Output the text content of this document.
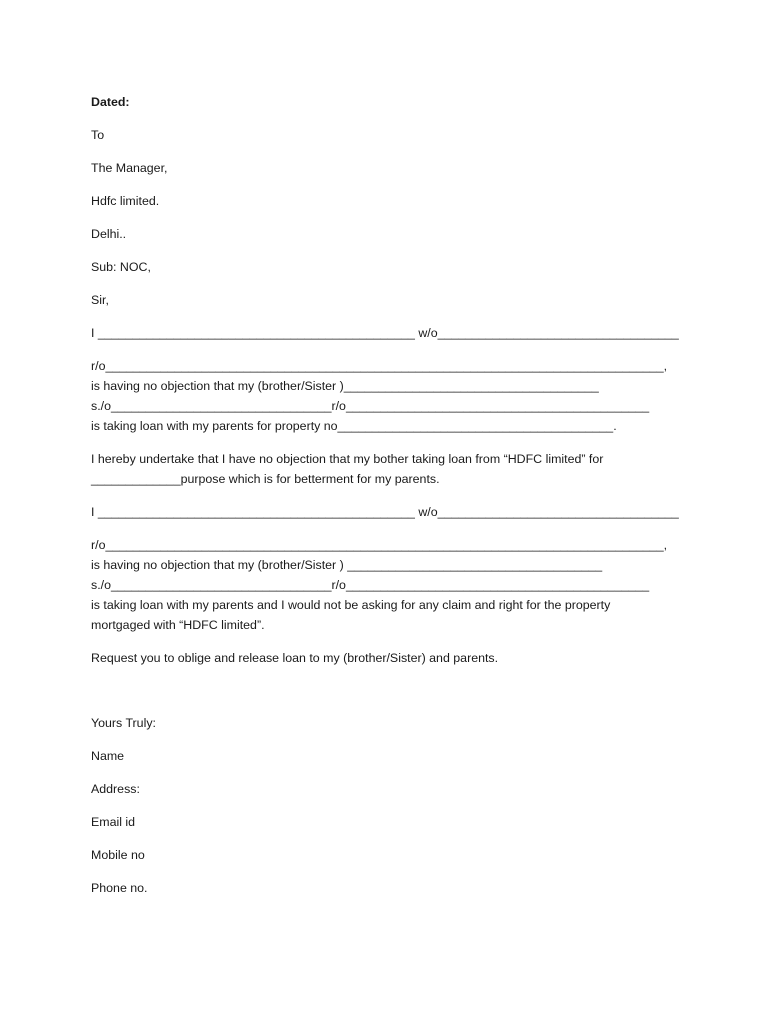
Dated:
To
The Manager,
Hdfc limited.
Delhi..
Sub: NOC,
Sir,
I ______________________________________________ w/o___________________________________
r/o_________________________________________________________________________________,
is having no objection that my (brother/Sister )_____________________________________
s./o________________________________r/o____________________________________________
is taking loan with my parents for property no________________________________________.
I hereby undertake that I have no objection that my bother taking loan from “HDFC limited” for
_____________purpose which is for betterment for my parents.
I ______________________________________________ w/o___________________________________
r/o_________________________________________________________________________________,
is having no objection that my (brother/Sister ) _____________________________________
s./o________________________________r/o____________________________________________
is taking loan with my parents and I would not be asking for any claim and right for the property
mortgaged with “HDFC limited”.
Request you to oblige and release loan to my (brother/Sister) and parents.
Yours Truly:
Name
Address:
Email id
Mobile no
Phone no.
